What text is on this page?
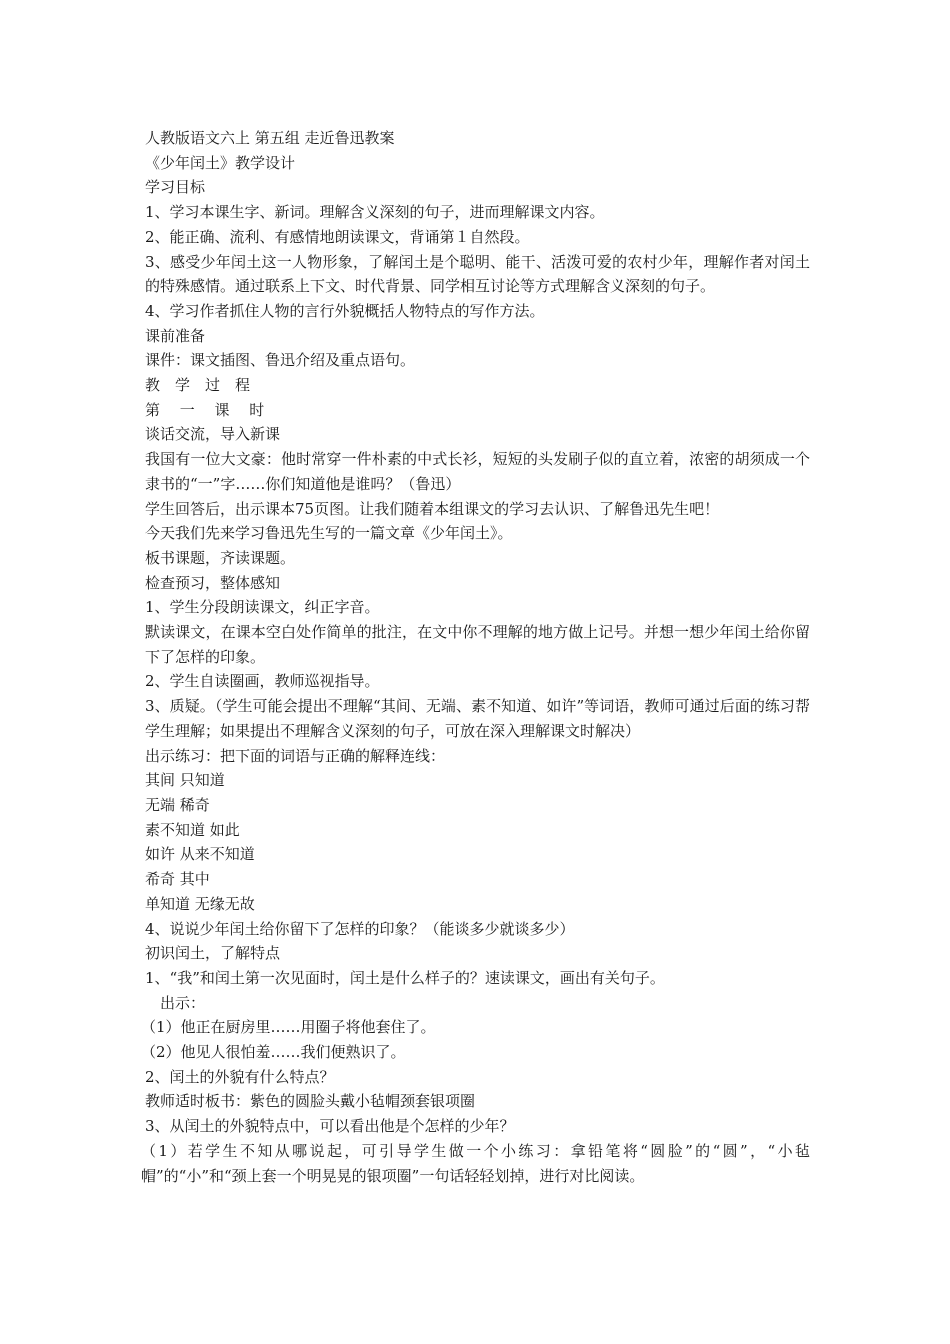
人教版语文六上 第五组 走近鲁迅教案

《少年闰土》教学设计

学习目标

1、学习本课生字、新词。理解含义深刻的句子，进而理解课文内容。

2、能正确、流利、有感情地朗读课文，背诵第１自然段。

3、感受少年闰土这一人物形象，了解闰土是个聪明、能干、活泼可爱的农村少年，理解作者对闰土的特殊感情。通过联系上下文、时代背景、同学相互讨论等方式理解含义深刻的句子。

4、学习作者抓住人物的言行外貌概括人物特点的写作方法。

课前准备

课件：课文插图、鲁迅介绍及重点语句。

教　学　过　程

第　 一　 课　 时

谈话交流，导入新课

我国有一位大文豪：他时常穿一件朴素的中式长衫，短短的头发刷子似的直立着，浓密的胡须成一个隶书的“一”字……你们知道他是谁吗？（鲁迅）

学生回答后，出示课本75页图。让我们随着本组课文的学习去认识、了解鲁迅先生吧！

今天我们先来学习鲁迅先生写的一篇文章《少年闰土》。

板书课题，齐读课题。

检查预习，整体感知

1、学生分段朗读课文，纠正字音。

默读课文，在课本空白处作简单的批注，在文中你不理解的地方做上记号。并想一想少年闰土给你留下了怎样的印象。

2、学生自读圈画，教师巡视指导。

3、质疑。（学生可能会提出不理解“其间、无端、素不知道、如许”等词语，教师可通过后面的练习帮学生理解；如果提出不理解含义深刻的句子，可放在深入理解课文时解决）

出示练习：把下面的词语与正确的解释连线：

其间 只知道

无端 稀奇

素不知道 如此

如许 从来不知道

希奇 其中

单知道 无缘无故

4、说说少年闰土给你留下了怎样的印象？（能谈多少就谈多少）

初识闰土，了解特点

1、“我”和闰土第一次见面时，闰土是什么样子的？速读课文，画出有关句子。

出示：

（1）他正在厨房里……用圈子将他套住了。

（2）他见人很怕羞……我们便熟识了。

2、闰土的外貌有什么特点？

教师适时板书：紫色的圆脸头戴小毡帽颈套银项圈

3、从闰土的外貌特点中，可以看出他是个怎样的少年？

（1）若学生不知从哪说起，可引导学生做一个小练习：拿铅笔将“圆脸”的“圆”，“小毡帽”的“小”和“颈上套一个明晃晃的银项圈”一句话轻轻划掉，进行对比阅读。
